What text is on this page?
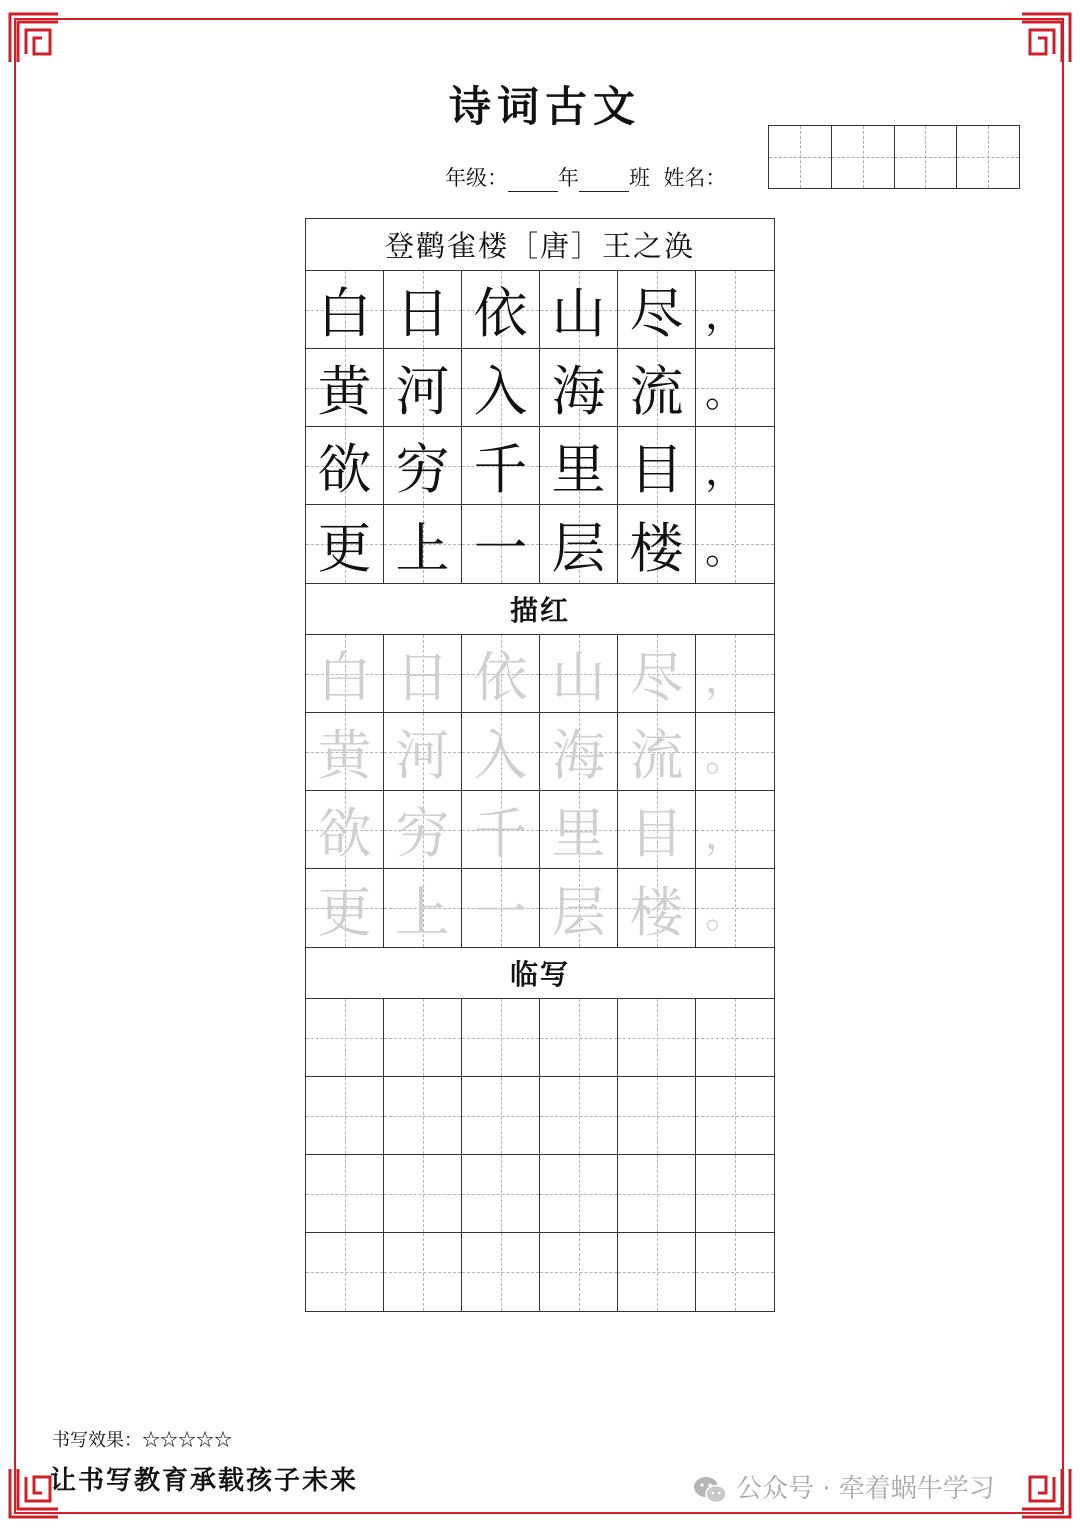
诗词古文
年级： 年 班 姓名：
登鹳雀楼［唐］王之涣
白 日 依 山 尽 ，
黄 河 入 海 流 。
欲 穷 千 里 目 ，
更 上 一 层 楼 。
描红
白 日 依 山 尽 ，
黄 河 入 海 流 。
欲 穷 千 里 目 ，
更 上 一 层 楼 。
临写
书写效果：☆☆☆☆☆
让书写教育承载孩子未来	公众号 · 牵着蜗牛学习
